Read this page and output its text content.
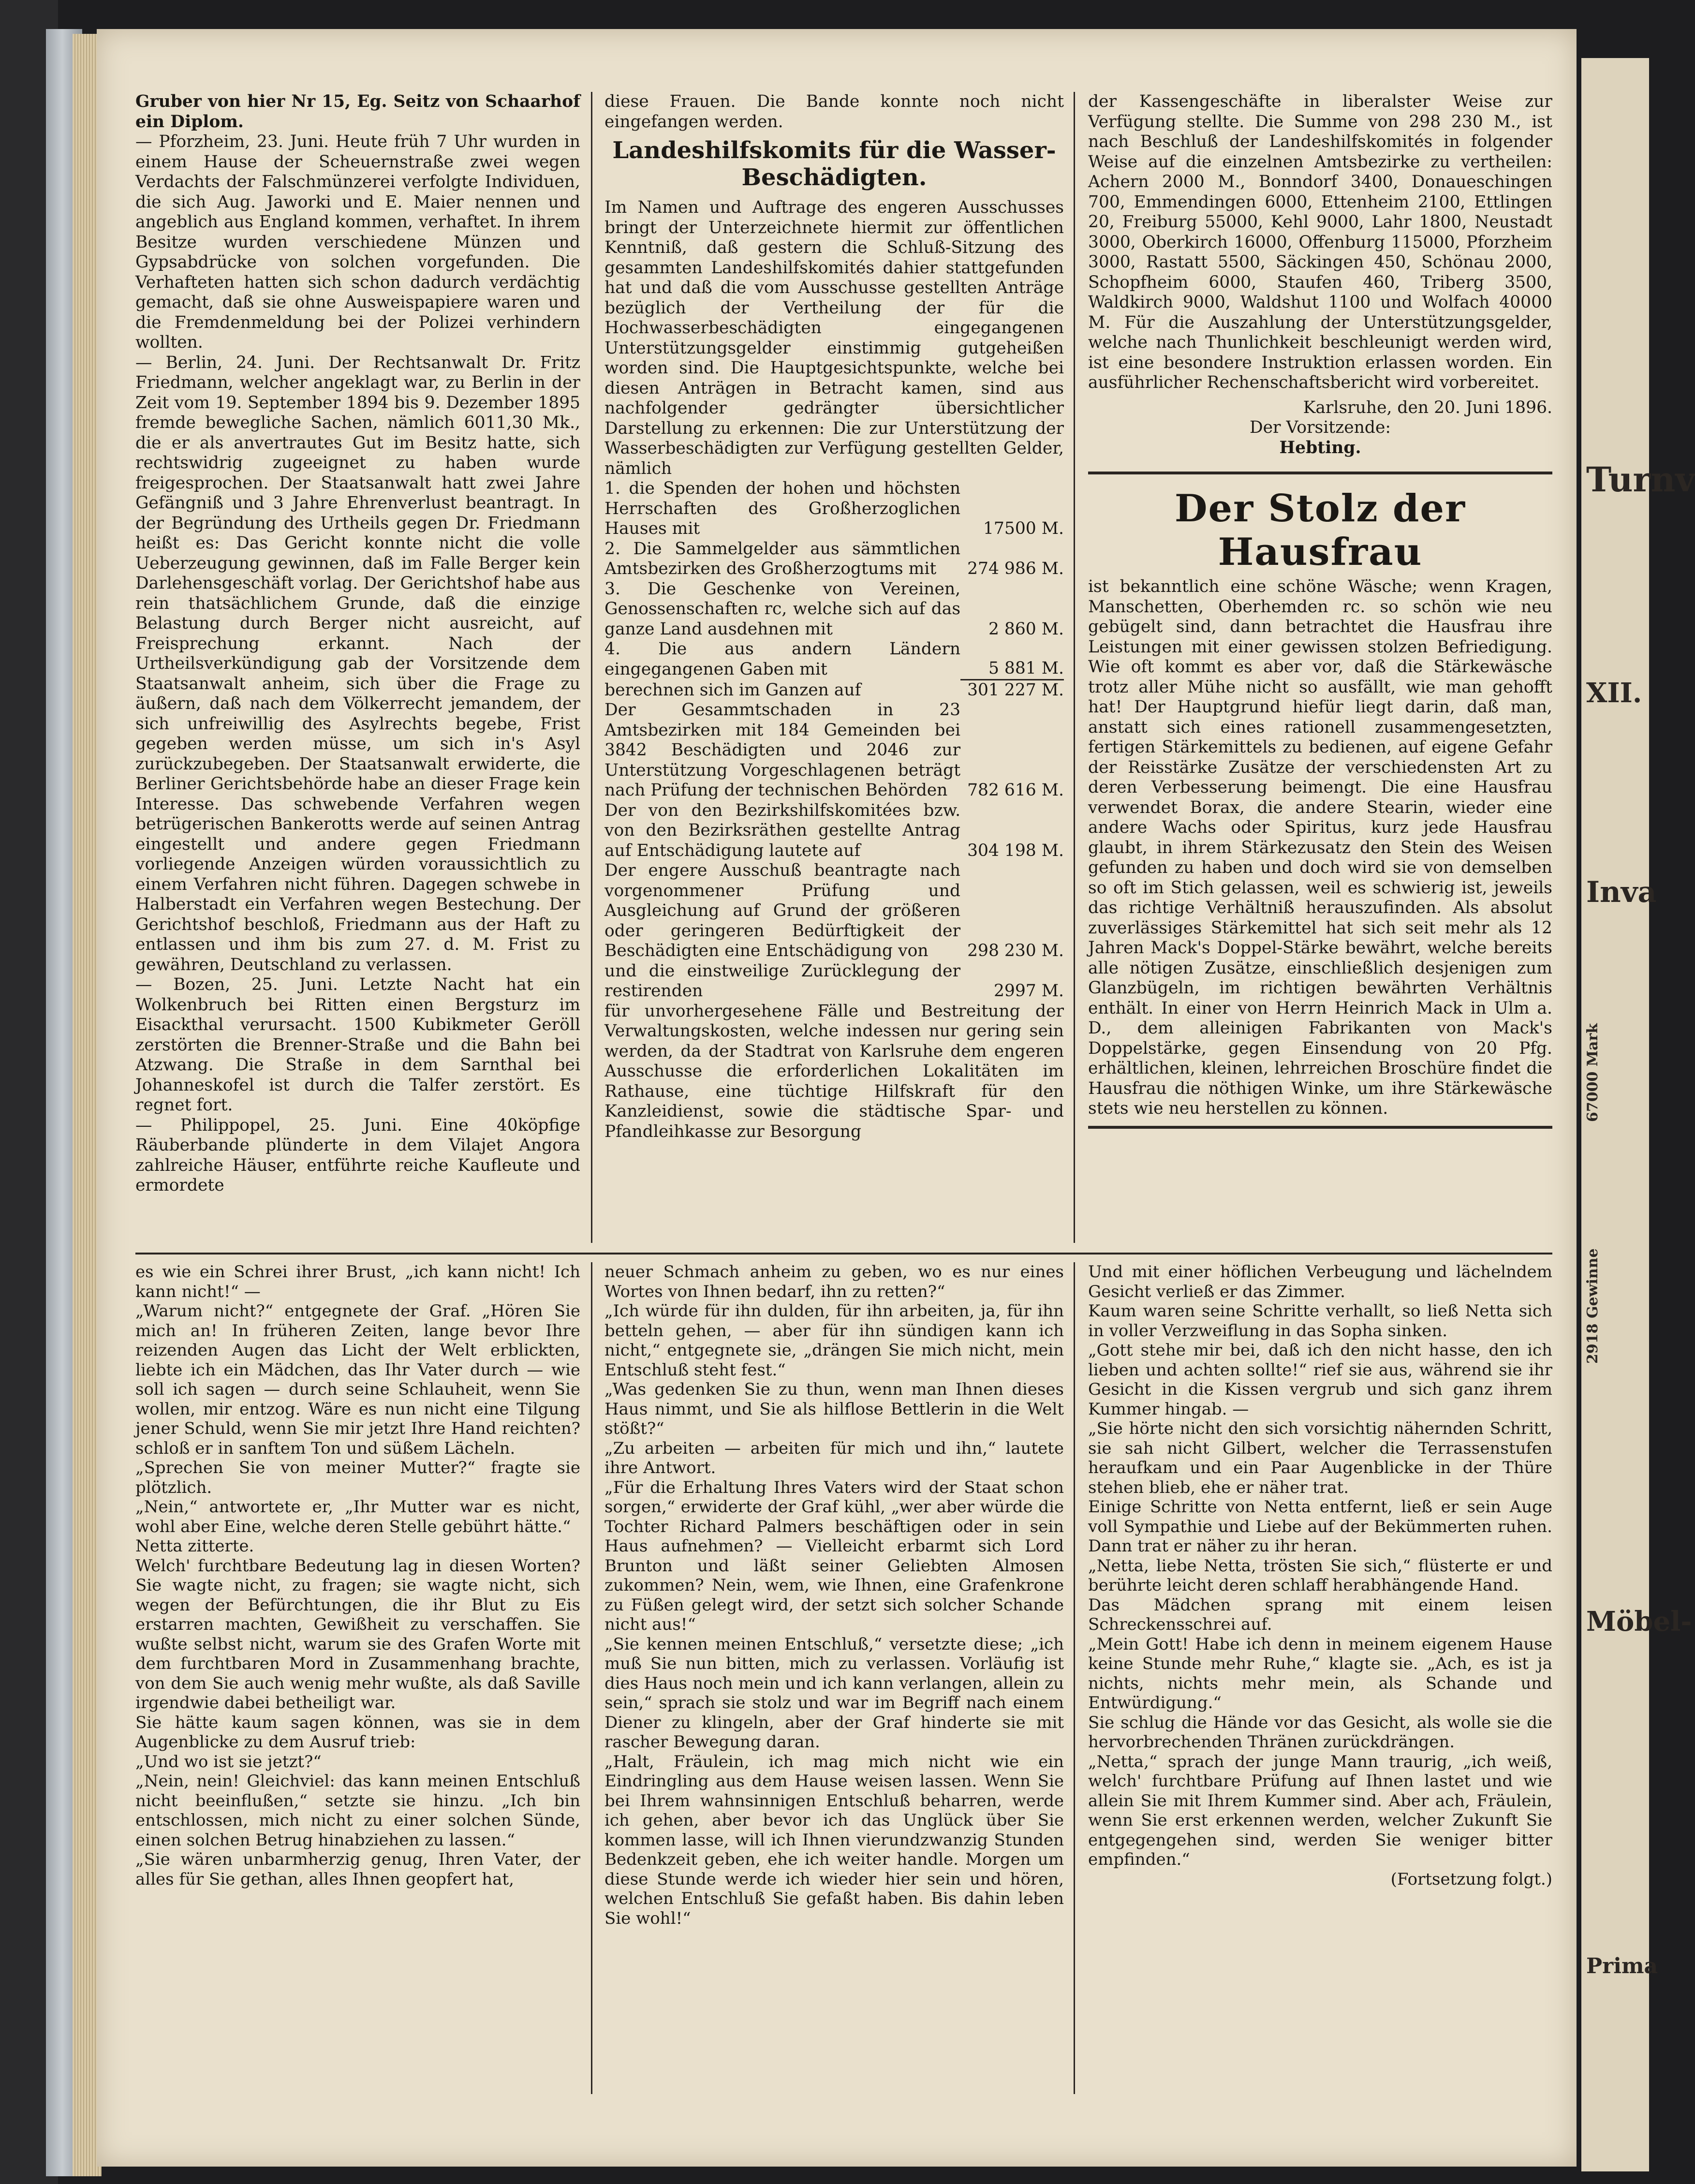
Gruber von hier Nr 15, Eg. Seitz von Schaarhof ein Diplom.

— Pforzheim, 23. Juni. Heute früh 7 Uhr wurden in einem Hause der Scheuernstraße zwei wegen Verdachts der Falschmünzerei verfolgte Individuen, die sich Aug. Jaworki und E. Maier nennen und angeblich aus England kommen, verhaftet. In ihrem Besitze wurden verschiedene Münzen und Gypsabdrücke von solchen vorgefunden. Die Verhafteten hatten sich schon dadurch verdächtig gemacht, daß sie ohne Ausweispapiere waren und die Fremdenmeldung bei der Polizei verhindern wollten.

— Berlin, 24. Juni. Der Rechtsanwalt Dr. Fritz Friedmann, welcher angeklagt war, zu Berlin in der Zeit vom 19. September 1894 bis 9. Dezember 1895 fremde bewegliche Sachen, nämlich 6011,30 Mk., die er als anvertrautes Gut im Besitz hatte, sich rechtswidrig zugeeignet zu haben wurde freigesprochen. Der Staatsanwalt hatt zwei Jahre Gefängniß und 3 Jahre Ehrenverlust beantragt. In der Begründung des Urtheils gegen Dr. Friedmann heißt es: Das Gericht konnte nicht die volle Ueberzeugung gewinnen, daß im Falle Berger kein Darlehensgeschäft vorlag. Der Gerichtshof habe aus rein thatsächlichem Grunde, daß die einzige Belastung durch Berger nicht ausreicht, auf Freisprechung erkannt. Nach der Urtheilsverkündigung gab der Vorsitzende dem Staatsanwalt anheim, sich über die Frage zu äußern, daß nach dem Völkerrecht jemandem, der sich unfreiwillig des Asylrechts begebe, Frist gegeben werden müsse, um sich in's Asyl zurückzubegeben. Der Staatsanwalt erwiderte, die Berliner Gerichtsbehörde habe an dieser Frage kein Interesse. Das schwebende Verfahren wegen betrügerischen Bankerotts werde auf seinen Antrag eingestellt und andere gegen Friedmann vorliegende Anzeigen würden voraussichtlich zu einem Verfahren nicht führen. Dagegen schwebe in Halberstadt ein Verfahren wegen Bestechung. Der Gerichtshof beschloß, Friedmann aus der Haft zu entlassen und ihm bis zum 27. d. M. Frist zu gewähren, Deutschland zu verlassen.

— Bozen, 25. Juni. Letzte Nacht hat ein Wolkenbruch bei Ritten einen Bergsturz im Eisackthal verursacht. 1500 Kubikmeter Geröll zerstörten die Brenner-Straße und die Bahn bei Atzwang. Die Straße in dem Sarnthal bei Johanneskofel ist durch die Talfer zerstört. Es regnet fort.

— Philippopel, 25. Juni. Eine 40köpfige Räuberbande plünderte in dem Vilajet Angora zahlreiche Häuser, entführte reiche Kaufleute und ermordete

diese Frauen. Die Bande konnte noch nicht eingefangen werden.

Landeshilfskomits für die Wasser-Beschädigten.

Im Namen und Auftrage des engeren Ausschusses bringt der Unterzeichnete hiermit zur öffentlichen Kenntniß, daß gestern die Schluß-Sitzung des gesammten Landeshilfskomités dahier stattgefunden hat und daß die vom Ausschusse gestellten Anträge bezüglich der Vertheilung der für die Hochwasserbeschädigten eingegangenen Unterstützungsgelder einstimmig gutgeheißen worden sind. Die Hauptgesichtspunkte, welche bei diesen Anträgen in Betracht kamen, sind aus nachfolgender gedrängter übersichtlicher Darstellung zu erkennen: Die zur Unterstützung der Wasserbeschädigten zur Verfügung gestellten Gelder, nämlich

1. die Spenden der hohen und höchsten Herrschaften des Großherzoglichen Hauses mit	17500 M.
2. Die Sammelgelder aus sämmtlichen Amtsbezirken des Großherzogtums mit	274 986 M.
3. Die Geschenke von Vereinen, Genossenschaften rc, welche sich auf das ganze Land ausdehnen mit	2 860 M.
4. Die aus andern Ländern eingegangenen Gaben mit	5 881 M.
berechnen sich im Ganzen auf	301 227 M.
Der Gesammtschaden in 23 Amtsbezirken mit 184 Gemeinden bei 3842 Beschädigten und 2046 zur Unterstützung Vorgeschlagenen beträgt nach Prüfung der technischen Behörden	782 616 M.
Der von den Bezirkshilfskomitées bzw. von den Bezirksräthen gestellte Antrag auf Entschädigung lautete auf	304 198 M.
Der engere Ausschuß beantragte nach vorgenommener Prüfung und Ausgleichung auf Grund der größeren oder geringeren Bedürftigkeit der Beschädigten eine Entschädigung von	298 230 M.
und die einstweilige Zurücklegung der restirenden	2997 M.

für unvorhergesehene Fälle und Bestreitung der Verwaltungskosten, welche indessen nur gering sein werden, da der Stadtrat von Karlsruhe dem engeren Ausschusse die erforderlichen Lokalitäten im Rathause, eine tüchtige Hilfskraft für den Kanzleidienst, sowie die städtische Spar- und Pfandleihkasse zur Besorgung

der Kassengeschäfte in liberalster Weise zur Verfügung stellte. Die Summe von 298 230 M., ist nach Beschluß der Landeshilfskomités in folgender Weise auf die einzelnen Amtsbezirke zu vertheilen: Achern 2000 M., Bonndorf 3400, Donaueschingen 700, Emmendingen 6000, Ettenheim 2100, Ettlingen 20, Freiburg 55000, Kehl 9000, Lahr 1800, Neustadt 3000, Oberkirch 16000, Offenburg 115000, Pforzheim 3000, Rastatt 5500, Säckingen 450, Schönau 2000, Schopfheim 6000, Staufen 460, Triberg 3500, Waldkirch 9000, Waldshut 1100 und Wolfach 40000 M. Für die Auszahlung der Unterstützungsgelder, welche nach Thunlichkeit beschleunigt werden wird, ist eine besondere Instruktion erlassen worden. Ein ausführlicher Rechenschaftsbericht wird vorbereitet.

Karlsruhe, den 20. Juni 1896.

Der Vorsitzende:

Hebting.

Der Stolz der Hausfrau

ist bekanntlich eine schöne Wäsche; wenn Kragen, Manschetten, Oberhemden rc. so schön wie neu gebügelt sind, dann betrachtet die Hausfrau ihre Leistungen mit einer gewissen stolzen Befriedigung. Wie oft kommt es aber vor, daß die Stärkewäsche trotz aller Mühe nicht so ausfällt, wie man gehofft hat! Der Hauptgrund hiefür liegt darin, daß man, anstatt sich eines rationell zusammengesetzten, fertigen Stärkemittels zu bedienen, auf eigene Gefahr der Reisstärke Zusätze der verschiedensten Art zu deren Verbesserung beimengt. Die eine Hausfrau verwendet Borax, die andere Stearin, wieder eine andere Wachs oder Spiritus, kurz jede Hausfrau glaubt, in ihrem Stärkezusatz den Stein des Weisen gefunden zu haben und doch wird sie von demselben so oft im Stich gelassen, weil es schwierig ist, jeweils das richtige Verhältniß herauszufinden. Als absolut zuverlässiges Stärkemittel hat sich seit mehr als 12 Jahren Mack's Doppel-Stärke bewährt, welche bereits alle nötigen Zusätze, einschließlich desjenigen zum Glanzbügeln, im richtigen bewährten Verhältnis enthält. In einer von Herrn Heinrich Mack in Ulm a. D., dem alleinigen Fabrikanten von Mack's Doppelstärke, gegen Einsendung von 20 Pfg. erhältlichen, kleinen, lehrreichen Broschüre findet die Hausfrau die nöthigen Winke, um ihre Stärkewäsche stets wie neu herstellen zu können.

es wie ein Schrei ihrer Brust, „ich kann nicht! Ich kann nicht!“ —

„Warum nicht?“ entgegnete der Graf. „Hören Sie mich an! In früheren Zeiten, lange bevor Ihre reizenden Augen das Licht der Welt erblickten, liebte ich ein Mädchen, das Ihr Vater durch — wie soll ich sagen — durch seine Schlauheit, wenn Sie wollen, mir entzog. Wäre es nun nicht eine Tilgung jener Schuld, wenn Sie mir jetzt Ihre Hand reichten? schloß er in sanftem Ton und süßem Lächeln.

„Sprechen Sie von meiner Mutter?“ fragte sie plötzlich.

„Nein,“ antwortete er, „Ihr Mutter war es nicht, wohl aber Eine, welche deren Stelle gebührt hätte.“

Netta zitterte.

Welch' furchtbare Bedeutung lag in diesen Worten? Sie wagte nicht, zu fragen; sie wagte nicht, sich wegen der Befürchtungen, die ihr Blut zu Eis erstarren machten, Gewißheit zu verschaffen. Sie wußte selbst nicht, warum sie des Grafen Worte mit dem furchtbaren Mord in Zusammenhang brachte, von dem Sie auch wenig mehr wußte, als daß Saville irgendwie dabei betheiligt war.

Sie hätte kaum sagen können, was sie in dem Augenblicke zu dem Ausruf trieb:

„Und wo ist sie jetzt?“

„Nein, nein! Gleichviel: das kann meinen Entschluß nicht beeinflußen,“ setzte sie hinzu. „Ich bin entschlossen, mich nicht zu einer solchen Sünde, einen solchen Betrug hinabziehen zu lassen.“

„Sie wären unbarmherzig genug, Ihren Vater, der alles für Sie gethan, alles Ihnen geopfert hat,

neuer Schmach anheim zu geben, wo es nur eines Wortes von Ihnen bedarf, ihn zu retten?“

„Ich würde für ihn dulden, für ihn arbeiten, ja, für ihn betteln gehen, — aber für ihn sündigen kann ich nicht,“ entgegnete sie, „drängen Sie mich nicht, mein Entschluß steht fest.“

„Was gedenken Sie zu thun, wenn man Ihnen dieses Haus nimmt, und Sie als hilflose Bettlerin in die Welt stößt?“

„Zu arbeiten — arbeiten für mich und ihn,“ lautete ihre Antwort.

„Für die Erhaltung Ihres Vaters wird der Staat schon sorgen,“ erwiderte der Graf kühl, „wer aber würde die Tochter Richard Palmers beschäftigen oder in sein Haus aufnehmen? — Vielleicht erbarmt sich Lord Brunton und läßt seiner Geliebten Almosen zukommen? Nein, wem, wie Ihnen, eine Grafenkrone zu Füßen gelegt wird, der setzt sich solcher Schande nicht aus!“

„Sie kennen meinen Entschluß,“ versetzte diese; „ich muß Sie nun bitten, mich zu verlassen. Vorläufig ist dies Haus noch mein und ich kann verlangen, allein zu sein,“ sprach sie stolz und war im Begriff nach einem Diener zu klingeln, aber der Graf hinderte sie mit rascher Bewegung daran.

„Halt, Fräulein, ich mag mich nicht wie ein Eindringling aus dem Hause weisen lassen. Wenn Sie bei Ihrem wahnsinnigen Entschluß beharren, werde ich gehen, aber bevor ich das Unglück über Sie kommen lasse, will ich Ihnen vierundzwanzig Stunden Bedenkzeit geben, ehe ich weiter handle. Morgen um diese Stunde werde ich wieder hier sein und hören, welchen Entschluß Sie gefaßt haben. Bis dahin leben Sie wohl!“

Und mit einer höflichen Verbeugung und lächelndem Gesicht verließ er das Zimmer.

Kaum waren seine Schritte verhallt, so ließ Netta sich in voller Verzweiflung in das Sopha sinken.

„Gott stehe mir bei, daß ich den nicht hasse, den ich lieben und achten sollte!“ rief sie aus, während sie ihr Gesicht in die Kissen vergrub und sich ganz ihrem Kummer hingab. —

„Sie hörte nicht den sich vorsichtig nähernden Schritt, sie sah nicht Gilbert, welcher die Terrassenstufen heraufkam und ein Paar Augenblicke in der Thüre stehen blieb, ehe er näher trat.

Einige Schritte von Netta entfernt, ließ er sein Auge voll Sympathie und Liebe auf der Bekümmerten ruhen. Dann trat er näher zu ihr heran.

„Netta, liebe Netta, trösten Sie sich,“ flüsterte er und berührte leicht deren schlaff herabhängende Hand.

Das Mädchen sprang mit einem leisen Schreckensschrei auf.

„Mein Gott! Habe ich denn in meinem eigenem Hause keine Stunde mehr Ruhe,“ klagte sie. „Ach, es ist ja nichts, nichts mehr mein, als Schande und Entwürdigung.“

Sie schlug die Hände vor das Gesicht, als wolle sie die hervorbrechenden Thränen zurückdrängen.

„Netta,“ sprach der junge Mann traurig, „ich weiß, welch' furchtbare Prüfung auf Ihnen lastet und wie allein Sie mit Ihrem Kummer sind. Aber ach, Fräulein, wenn Sie erst erkennen werden, welcher Zukunft Sie entgegengehen sind, werden Sie weniger bitter empfinden.“

(Fortsetzung folgt.)

Turnv
Inva
Möbel-
XII.
Prima
67000 Mark
2918 Gewinne
